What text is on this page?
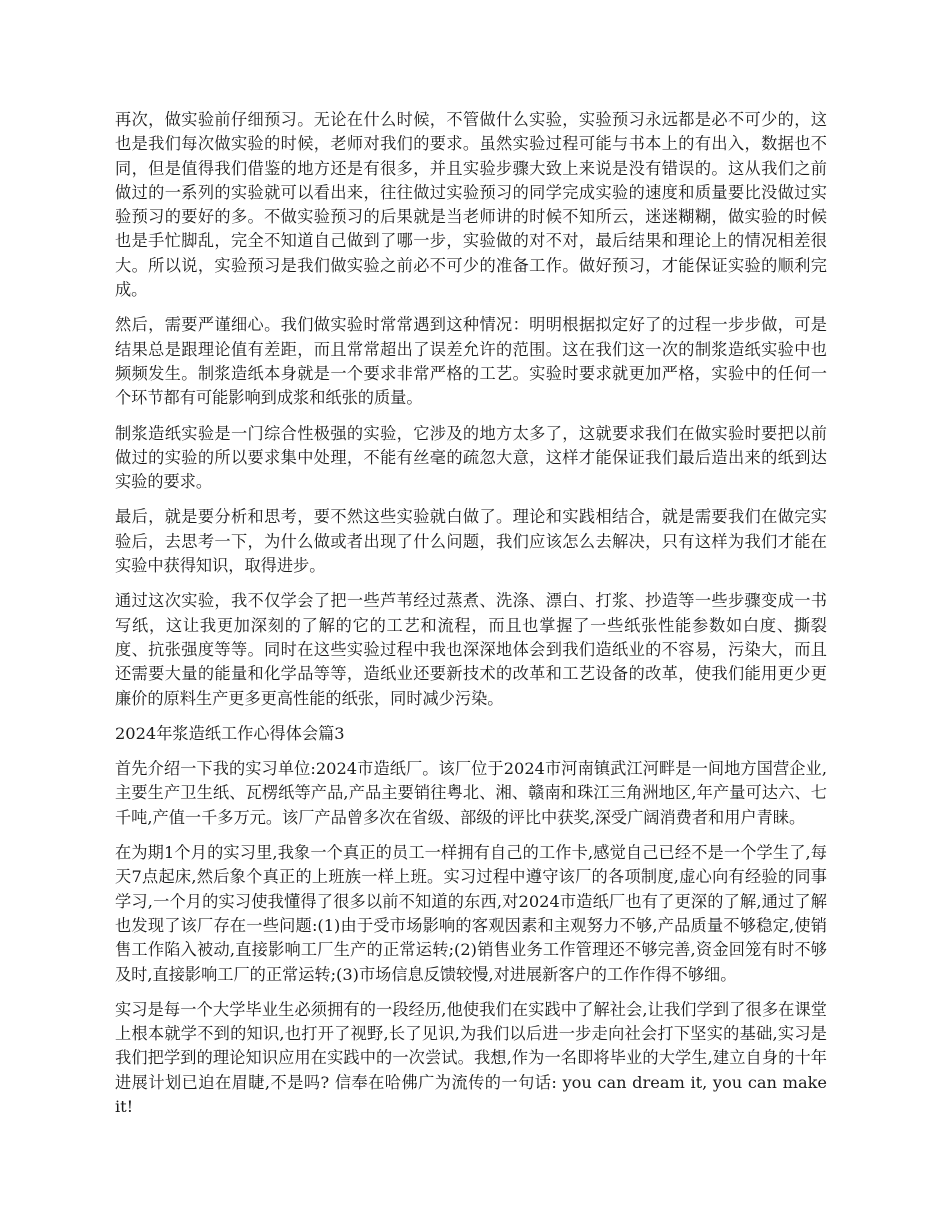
再次，做实验前仔细预习。无论在什么时候，不管做什么实验，实验预习永远都是必不可少的，这也是我们每次做实验的时候，老师对我们的要求。虽然实验过程可能与书本上的有出入，数据也不同，但是值得我们借鉴的地方还是有很多，并且实验步骤大致上来说是没有错误的。这从我们之前做过的一系列的实验就可以看出来，往往做过实验预习的同学完成实验的速度和质量要比没做过实验预习的要好的多。不做实验预习的后果就是当老师讲的时候不知所云，迷迷糊糊，做实验的时候也是手忙脚乱，完全不知道自己做到了哪一步，实验做的对不对，最后结果和理论上的情况相差很大。所以说，实验预习是我们做实验之前必不可少的准备工作。做好预习，才能保证实验的顺利完成。

然后，需要严谨细心。我们做实验时常常遇到这种情况：明明根据拟定好了的过程一步步做，可是结果总是跟理论值有差距，而且常常超出了误差允许的范围。这在我们这一次的制浆造纸实验中也频频发生。制浆造纸本身就是一个要求非常严格的工艺。实验时要求就更加严格，实验中的任何一个环节都有可能影响到成浆和纸张的质量。

制浆造纸实验是一门综合性极强的实验，它涉及的地方太多了，这就要求我们在做实验时要把以前做过的实验的所以要求集中处理，不能有丝毫的疏忽大意，这样才能保证我们最后造出来的纸到达实验的要求。

最后，就是要分析和思考，要不然这些实验就白做了。理论和实践相结合，就是需要我们在做完实验后，去思考一下，为什么做或者出现了什么问题，我们应该怎么去解决，只有这样为我们才能在实验中获得知识，取得进步。

通过这次实验，我不仅学会了把一些芦苇经过蒸煮、洗涤、漂白、打浆、抄造等一些步骤变成一书写纸，这让我更加深刻的了解的它的工艺和流程，而且也掌握了一些纸张性能参数如白度、撕裂度、抗张强度等等。同时在这些实验过程中我也深深地体会到我们造纸业的不容易，污染大，而且还需要大量的能量和化学品等等，造纸业还要新技术的改革和工艺设备的改革，使我们能用更少更廉价的原料生产更多更高性能的纸张，同时减少污染。

2024年浆造纸工作心得体会篇3

首先介绍一下我的实习单位:2024市造纸厂。该厂位于2024市河南镇武江河畔是一间地方国营企业,主要生产卫生纸、瓦楞纸等产品,产品主要销往粤北、湘、赣南和珠江三角洲地区,年产量可达六、七千吨,产值一千多万元。该厂产品曾多次在省级、部级的评比中获奖,深受广阔消费者和用户青睐。

在为期1个月的实习里,我象一个真正的员工一样拥有自己的工作卡,感觉自己已经不是一个学生了,每天7点起床,然后象个真正的上班族一样上班。实习过程中遵守该厂的各项制度,虚心向有经验的同事学习,一个月的实习使我懂得了很多以前不知道的东西,对2024市造纸厂也有了更深的了解,通过了解也发现了该厂存在一些问题:(1)由于受市场影响的客观因素和主观努力不够,产品质量不够稳定,使销售工作陷入被动,直接影响工厂生产的正常运转;(2)销售业务工作管理还不够完善,资金回笼有时不够及时,直接影响工厂的正常运转;(3)市场信息反馈较慢,对进展新客户的工作作得不够细。

实习是每一个大学毕业生必须拥有的一段经历,他使我们在实践中了解社会,让我们学到了很多在课堂上根本就学不到的知识,也打开了视野,长了见识,为我们以后进一步走向社会打下坚实的基础,实习是我们把学到的理论知识应用在实践中的一次尝试。我想,作为一名即将毕业的大学生,建立自身的十年进展计划已迫在眉睫,不是吗? 信奉在哈佛广为流传的一句话: you can dream it, you can make it!
